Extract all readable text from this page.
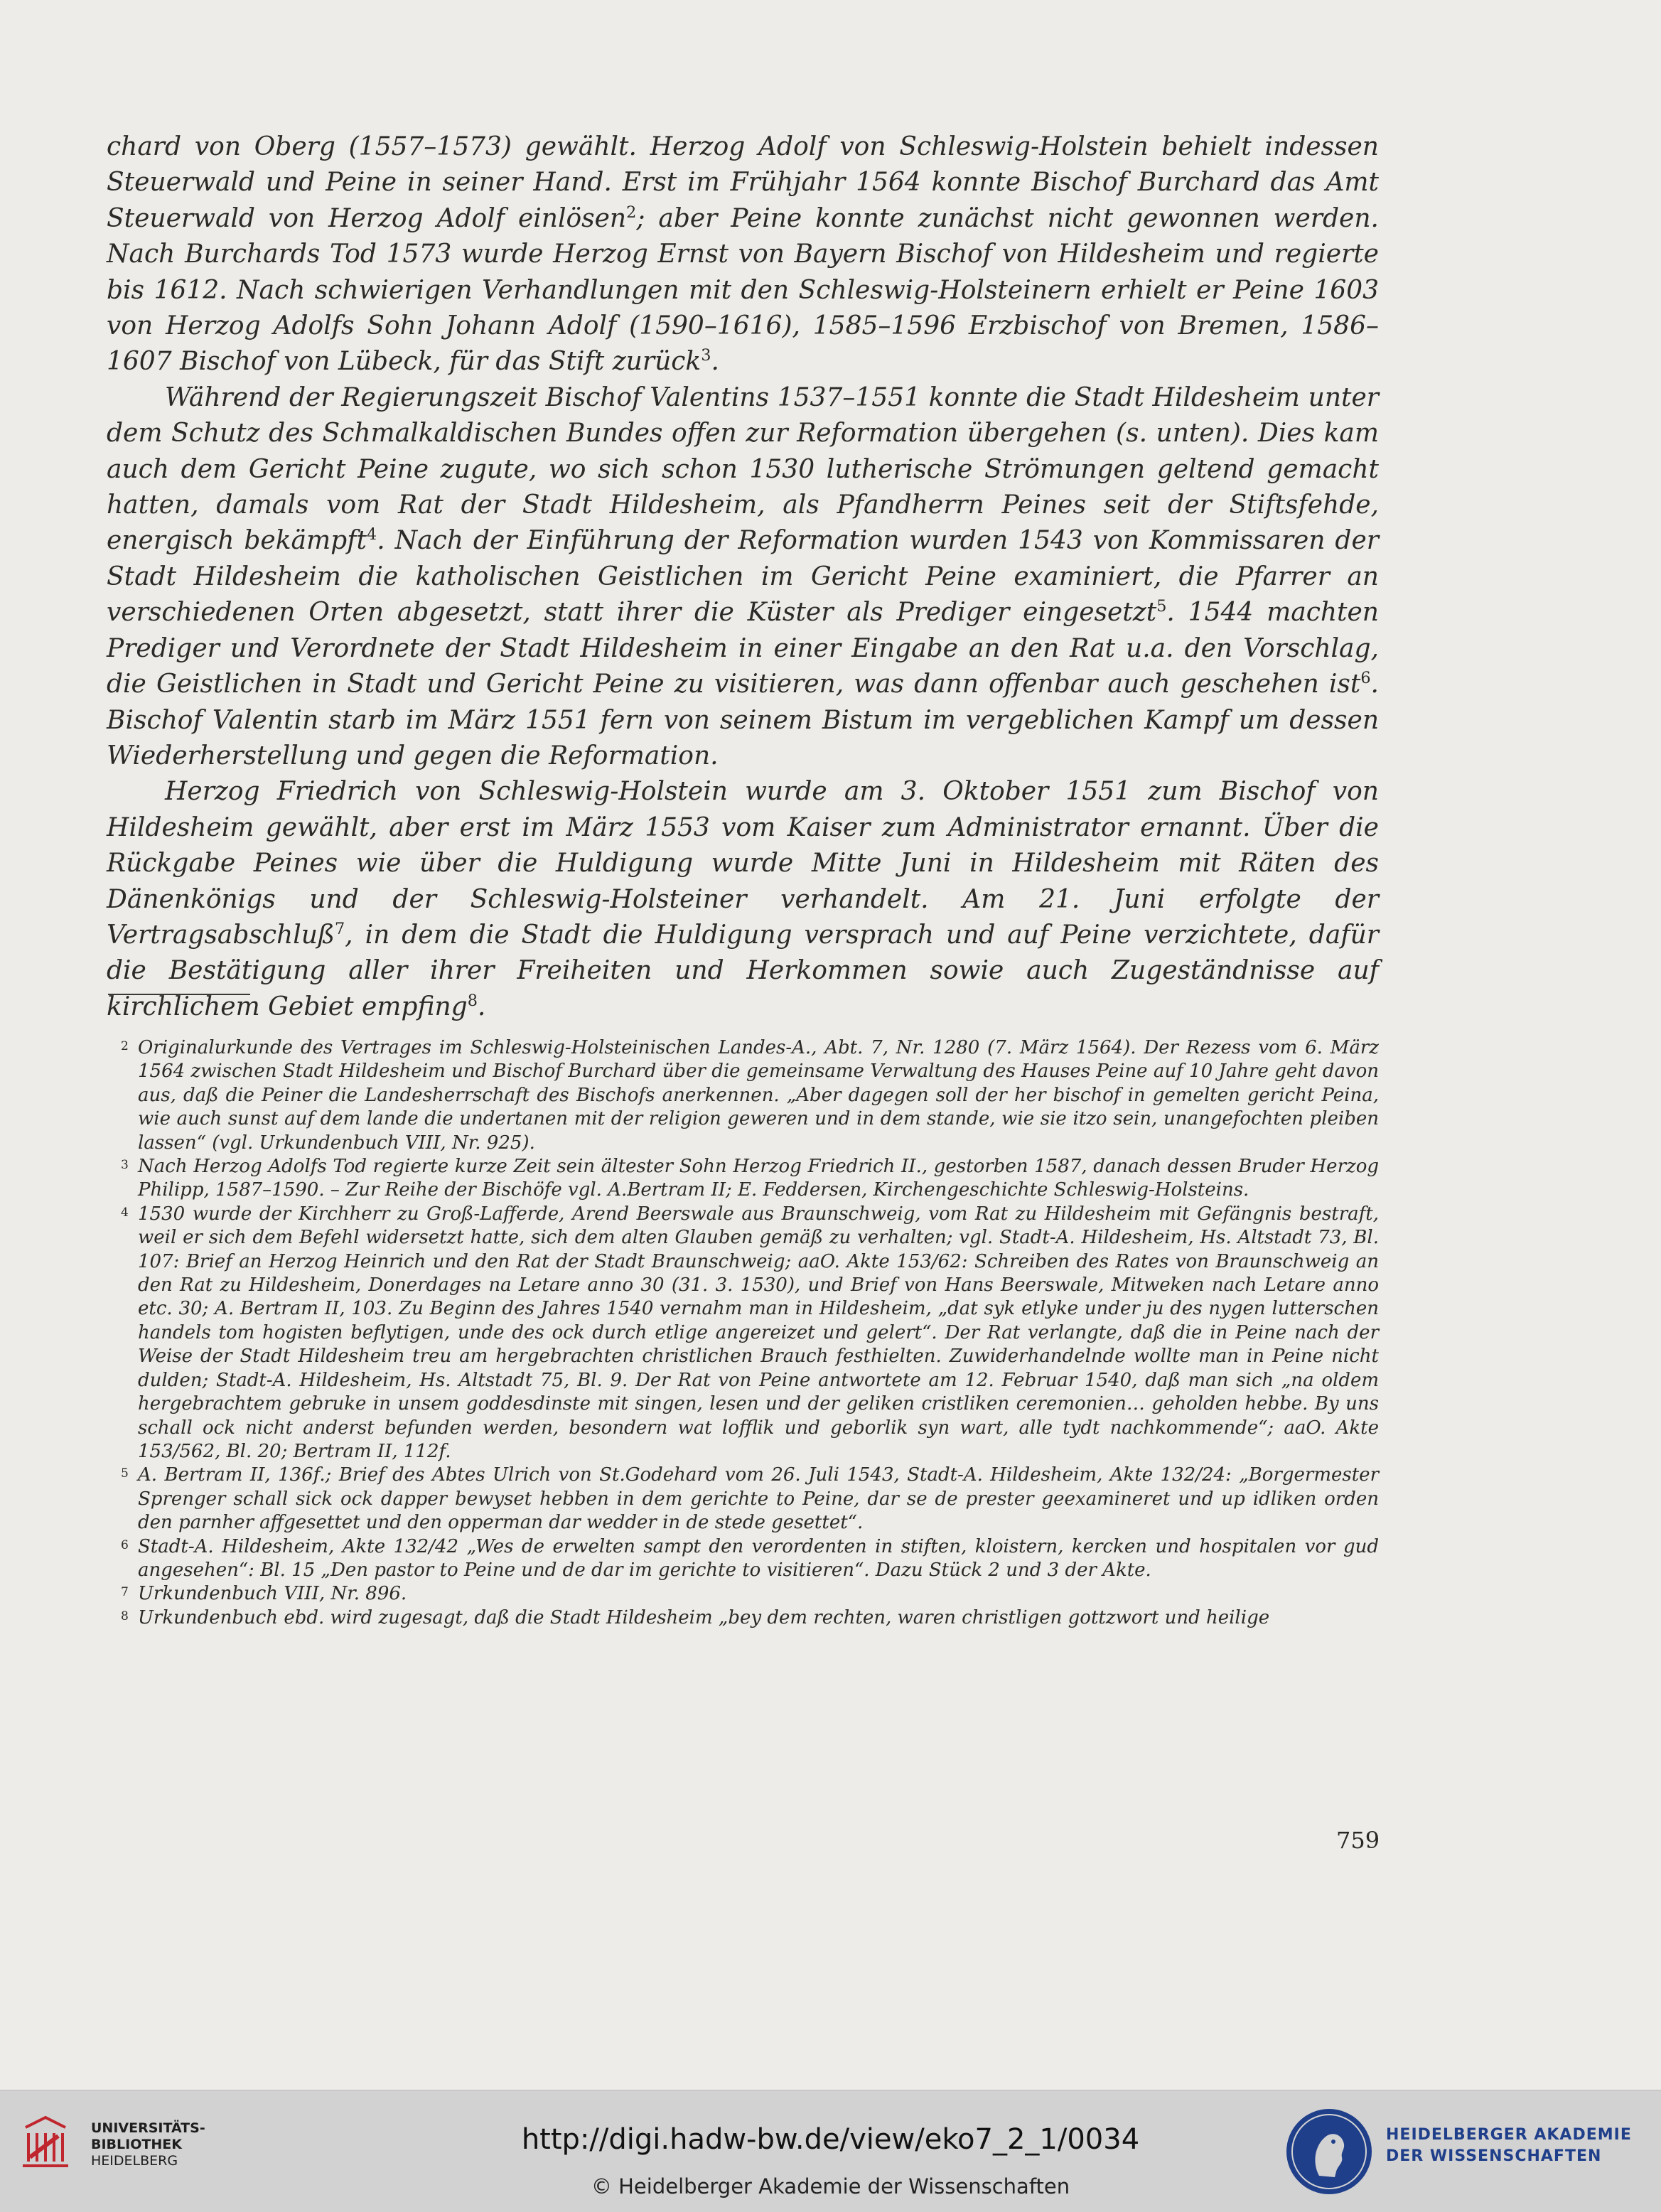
chard von Oberg (1557–1573) gewählt. Herzog Adolf von Schleswig-Holstein behielt indessen Steuerwald und Peine in seiner Hand. Erst im Frühjahr 1564 konnte Bischof Burchard das Amt Steuerwald von Herzog Adolf einlösen$^2$; aber Peine konnte zunächst nicht gewonnen werden. Nach Burchards Tod 1573 wurde Herzog Ernst von Bayern Bischof von Hildesheim und regierte bis 1612. Nach schwierigen Verhandlungen mit den Schleswig-Holsteinern erhielt er Peine 1603 von Herzog Adolfs Sohn Johann Adolf (1590–1616), 1585–1596 Erzbischof von Bremen, 1586–1607 Bischof von Lübeck, für das Stift zurück$^3$.

Während der Regierungszeit Bischof Valentins 1537–1551 konnte die Stadt Hildesheim unter dem Schutz des Schmalkaldischen Bundes offen zur Reformation übergehen (s. unten). Dies kam auch dem Gericht Peine zugute, wo sich schon 1530 lutherische Strömungen geltend gemacht hatten, damals vom Rat der Stadt Hildesheim, als Pfandherrn Peines seit der Stiftsfehde, energisch bekämpft$^4$. Nach der Einführung der Reformation wurden 1543 von Kommissaren der Stadt Hildesheim die katholischen Geistlichen im Gericht Peine examiniert, die Pfarrer an verschiedenen Orten abgesetzt, statt ihrer die Küster als Prediger eingesetzt$^5$. 1544 machten Prediger und Verordnete der Stadt Hildesheim in einer Eingabe an den Rat u.a. den Vorschlag, die Geistlichen in Stadt und Gericht Peine zu visitieren, was dann offenbar auch geschehen ist$^6$. Bischof Valentin starb im März 1551 fern von seinem Bistum im vergeblichen Kampf um dessen Wiederherstellung und gegen die Reformation.

Herzog Friedrich von Schleswig-Holstein wurde am 3. Oktober 1551 zum Bischof von Hildesheim gewählt, aber erst im März 1553 vom Kaiser zum Administrator ernannt. Über die Rückgabe Peines wie über die Huldigung wurde Mitte Juni in Hildesheim mit Räten des Dänenkönigs und der Schleswig-Holsteiner verhandelt. Am 21. Juni erfolgte der Vertragsabschluß$^7$, in dem die Stadt die Huldigung versprach und auf Peine verzichtete, dafür die Bestätigung aller ihrer Freiheiten und Herkommen sowie auch Zugeständnisse auf kirchlichem Gebiet empfing$^8$.

2 Originalurkunde des Vertrages im Schleswig-Holsteinischen Landes-A., Abt. 7, Nr. 1280 (7. März 1564). Der Rezess vom 6. März 1564 zwischen Stadt Hildesheim und Bischof Burchard über die gemeinsame Verwaltung des Hauses Peine auf 10 Jahre geht davon aus, daß die Peiner die Landesherrschaft des Bischofs anerkennen. „Aber dagegen soll der her bischof in gemelten gericht Peina, wie auch sunst auf dem lande die undertanen mit der religion geweren und in dem stande, wie sie itzo sein, unangefochten pleiben lassen“ (vgl. Urkundenbuch VIII, Nr. 925).

3 Nach Herzog Adolfs Tod regierte kurze Zeit sein ältester Sohn Herzog Friedrich II., gestorben 1587, danach dessen Bruder Herzog Philipp, 1587–1590. – Zur Reihe der Bischöfe vgl. A.Bertram II; E. Feddersen, Kirchengeschichte Schleswig-Holsteins.

4 1530 wurde der Kirchherr zu Groß-Lafferde, Arend Beerswale aus Braunschweig, vom Rat zu Hildesheim mit Gefängnis bestraft, weil er sich dem Befehl widersetzt hatte, sich dem alten Glauben gemäß zu verhalten; vgl. Stadt-A. Hildesheim, Hs. Altstadt 73, Bl. 107: Brief an Herzog Heinrich und den Rat der Stadt Braunschweig; aaO. Akte 153/62: Schreiben des Rates von Braunschweig an den Rat zu Hildesheim, Donerdages na Letare anno 30 (31. 3. 1530), und Brief von Hans Beerswale, Mitweken nach Letare anno etc. 30; A. Bertram II, 103. Zu Beginn des Jahres 1540 vernahm man in Hildesheim, „dat syk etlyke under ju des nygen lutterschen handels tom hogisten beflytigen, unde des ock durch etlige angereizet und gelert“. Der Rat verlangte, daß die in Peine nach der Weise der Stadt Hildesheim treu am hergebrachten christlichen Brauch festhielten. Zuwiderhandelnde wollte man in Peine nicht dulden; Stadt-A. Hildesheim, Hs. Altstadt 75, Bl. 9. Der Rat von Peine antwortete am 12. Februar 1540, daß man sich „na oldem hergebrachtem gebruke in unsem goddesdinste mit singen, lesen und der geliken cristliken ceremonien… geholden hebbe. By uns schall ock nicht anderst befunden werden, besondern wat lofflik und geborlik syn wart, alle tydt nachkommende“; aaO. Akte 153/562, Bl. 20; Bertram II, 112f.

5 A. Bertram II, 136f.; Brief des Abtes Ulrich von St.Godehard vom 26. Juli 1543, Stadt-A. Hildesheim, Akte 132/24: „Borgermester Sprenger schall sick ock dapper bewyset hebben in dem gerichte to Peine, dar se de prester geexamineret und up idliken orden den parnher affgesettet und den opperman dar wedder in de stede gesettet“.

6 Stadt-A. Hildesheim, Akte 132/42 „Wes de erwelten sampt den verordenten in stiften, kloistern, kercken und hospitalen vor gud angesehen“: Bl. 15 „Den pastor to Peine und de dar im gerichte to visitieren“. Dazu Stück 2 und 3 der Akte.

7 Urkundenbuch VIII, Nr. 896.

8 Urkundenbuch ebd. wird zugesagt, daß die Stadt Hildesheim „bey dem rechten, waren christligen gottzwort und heilige

759
UNIVERSITÄTS-
BIBLIOTHEK
HEIDELBERG
http://digi.hadw-bw.de/view/eko7_2_1/0034
© Heidelberger Akademie der Wissenschaften
HEIDELBERGER AKADEMIE
DER WISSENSCHAFTEN
